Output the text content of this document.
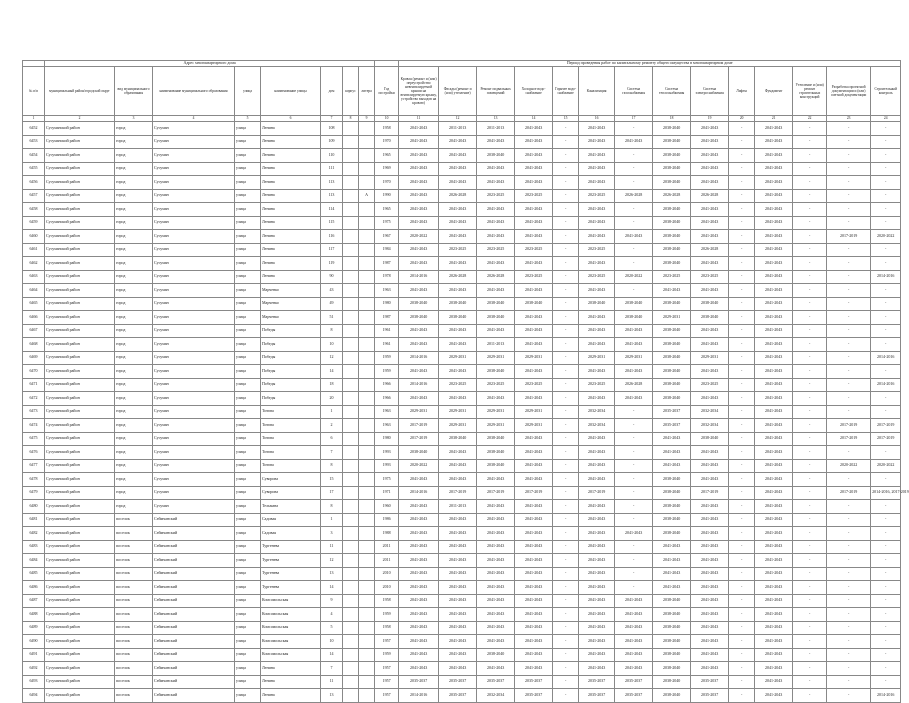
	Адрес многоквартирного дома									Период проведения работ по капитальному ремонту общего имущества в многоквартирном доме													
№ п/п	муниципальный район/городской округ	вид муниципального образования	наименование муниципального образования	улица	наименование улицы	дом	корпус	литера	Год постройки	Кровля (ремонт и (или) переустройство невентилируемой крыши на вентилируемую крышу, устройство выходов на кровлю)	Фасады (ремонт и (или) утепление)	Ремонт подвальных помещений	Холодное водо-снабжение	Горячее водо-снабжение	Канализация	Система газоснабжения	Система теплоснабжения	Система электроснабжения	Лифты	Фундамент	Утепление и (или) ремонт строительных конструкций	Разработка проектной документации и (или) сметной документации	Строительный контроль
1	2	3	4	5	6	7	8	9	10	11	12	13	14	15	16	17	18	19	20	21	22	23	24
6452	Сусуманский район	город	Сусуман	улица	Ленина	108			1958	2041-2043	2011-2013	2011-2013	2041-2043	-	2041-2043	-	2038-2040	2041-2043	-	2041-2043	-	-	-
6453	Сусуманский район	город	Сусуман	улица	Ленина	109			1970	2041-2043	2041-2043	2041-2043	2041-2043	-	2041-2043	2041-2043	2038-2040	2041-2043	-	2041-2043	-	-	-
6454	Сусуманский район	город	Сусуман	улица	Ленина	110			1965	2041-2043	2041-2043	2038-2040	2041-2043	-	2041-2043	-	2038-2040	2041-2043	-	2041-2043	-	-	-
6455	Сусуманский район	город	Сусуман	улица	Ленина	111			1969	2041-2043	2041-2043	2041-2043	2041-2043	-	2041-2043	-	2038-2040	2041-2043	-	2041-2043	-	-	-
6456	Сусуманский район	город	Сусуман	улица	Ленина	113			1970	2041-2043	2041-2043	2041-2043	2041-2043	-	2041-2043	-	2038-2040	2041-2043	-	2041-2043	-	-	-
6457	Сусуманский район	город	Сусуман	улица	Ленина	113		А	1990	2041-2043	2026-2028	2023-2025	2023-2025	-	2023-2025	2026-2028	2026-2028	2026-2028	-	2041-2043	-	-	-
6458	Сусуманский район	город	Сусуман	улица	Ленина	114			1965	2041-2043	2041-2043	2041-2043	2041-2043	-	2041-2043	-	2038-2040	2041-2043	-	2041-2043	-	-	-
6459	Сусуманский район	город	Сусуман	улица	Ленина	115			1975	2041-2043	2041-2043	2041-2043	2041-2043	-	2041-2043	-	2038-2040	2041-2043	-	2041-2043	-	-	-
6460	Сусуманский район	город	Сусуман	улица	Ленина	116			1967	2020-2022	2041-2043	2041-2043	2041-2043	-	2041-2043	2041-2043	2038-2040	2041-2043	-	2041-2043	-	2017-2019	2020-2022
6461	Сусуманский район	город	Сусуман	улица	Ленина	117			1984	2041-2043	2023-2025	2023-2025	2023-2025	-	2023-2025	-	2038-2040	2026-2028	-	2041-2043	-	-	-
6462	Сусуманский район	город	Сусуман	улица	Ленина	119			1987	2041-2043	2041-2043	2041-2043	2041-2043	-	2041-2043	-	2038-2040	2041-2043	-	2041-2043	-	-	-
6463	Сусуманский район	город	Сусуман	улица	Ленина	90			1978	2014-2016	2026-2028	2026-2028	2023-2025	-	2023-2025	2020-2022	2023-2025	2023-2025	-	2041-2043	-	-	2014-2016
6464	Сусуманский район	город	Сусуман	улица	Марченко	43			1963	2041-2043	2041-2043	2041-2043	2041-2043	-	2041-2043	-	2041-2043	2041-2043	-	2041-2043	-	-	-
6465	Сусуманский район	город	Сусуман	улица	Марченко	49			1980	2038-2040	2038-2040	2038-2040	2038-2040	-	2038-2040	2038-2040	2038-2040	2038-2040	-	2041-2043	-	-	-
6466	Сусуманский район	город	Сусуман	улица	Марченко	51			1987	2038-2040	2038-2040	2038-2040	2041-2043	-	2041-2043	2038-2040	2029-2031	2038-2040	-	2041-2043	-	-	-
6467	Сусуманский район	город	Сусуман	улица	Победы	8			1961	2041-2043	2041-2043	2041-2043	2041-2043	-	2041-2043	2041-2043	2038-2040	2041-2043	-	2041-2043	-	-	-
6468	Сусуманский район	город	Сусуман	улица	Победы	10			1961	2041-2043	2041-2043	2011-2013	2041-2043	-	2041-2043	2041-2043	2038-2040	2041-2043	-	2041-2043	-	-	-
6469	Сусуманский район	город	Сусуман	улица	Победы	12			1959	2014-2016	2029-2031	2029-2031	2029-2031	-	2029-2031	2029-2031	2038-2040	2029-2031	-	2041-2043	-	-	2014-2016
6470	Сусуманский район	город	Сусуман	улица	Победы	14			1959	2041-2043	2041-2043	2038-2040	2041-2043	-	2041-2043	2041-2043	2038-2040	2041-2043	-	2041-2043	-	-	-
6471	Сусуманский район	город	Сусуман	улица	Победы	18			1966	2014-2016	2023-2025	2023-2025	2023-2025	-	2023-2025	2026-2028	2038-2040	2023-2025	-	2041-2043	-	-	2014-2016
6472	Сусуманский район	город	Сусуман	улица	Победы	20			1966	2041-2043	2041-2043	2041-2043	2041-2043	-	2041-2043	2041-2043	2038-2040	2041-2043	-	2041-2043	-	-	-
6473	Сусуманский район	город	Сусуман	улица	Титова	1			1963	2029-2031	2029-2031	2029-2031	2029-2031	-	2032-2034	-	2035-2037	2032-2034	-	2041-2043	-	-	-
6474	Сусуманский район	город	Сусуман	улица	Титова	2			1963	2017-2019	2029-2031	2029-2031	2029-2031	-	2032-2034	-	2035-2037	2032-2034	-	2041-2043	-	2017-2019	2017-2019
6475	Сусуманский район	город	Сусуман	улица	Титова	6			1980	2017-2019	2038-2040	2038-2040	2041-2043	-	2041-2043	-	2041-2043	2038-2040	-	2041-2043	-	2017-2019	2017-2019
6476	Сусуманский район	город	Сусуман	улица	Титова	7			1993	2038-2040	2041-2043	2038-2040	2041-2043	-	2041-2043	-	2041-2043	2041-2043	-	2041-2043	-	-	-
6477	Сусуманский район	город	Сусуман	улица	Титова	8			1993	2020-2022	2041-2043	2038-2040	2041-2043	-	2041-2043	-	2041-2043	2041-2043	-	2041-2043	-	2020-2022	2020-2022
6478	Сусуманский район	город	Сусуман	улица	Суворова	15			1975	2041-2043	2041-2043	2041-2043	2041-2043	-	2041-2043	-	2038-2040	2041-2043	-	2041-2043	-	-	-
6479	Сусуманский район	город	Сусуман	улица	Суворова	17			1971	2014-2016	2017-2019	2017-2019	2017-2019	-	2017-2019	-	2038-2040	2017-2019	-	2041-2043	-	2017-2019	2014-2016, 2017-2019
6480	Сусуманский район	город	Сусуман	улица	Тельмана	8			1960	2041-2043	2011-2013	2041-2043	2041-2043	-	2041-2043	-	2038-2040	2041-2043	-	2041-2043	-	-	-
6481	Сусуманский район	поселок	Сеймчанский	улица	Садовая	1			1986	2041-2043	2041-2043	2041-2043	2041-2043	-	2041-2043	-	2038-2040	2041-2043	-	2041-2043	-	-	-
6482	Сусуманский район	поселок	Сеймчанский	улица	Садовая	3			1988	2041-2043	2041-2043	2041-2043	2041-2043	-	2041-2043	2041-2043	2038-2040	2041-2043	-	2041-2043	-	-	-
6483	Сусуманский район	поселок	Сеймчанский	улица	Тургенева	11			2011	2041-2043	2041-2043	2041-2043	2041-2043	-	2041-2043	-	2041-2043	2041-2043	-	2041-2043	-	-	-
6484	Сусуманский район	поселок	Сеймчанский	улица	Тургенева	12			2011	2041-2043	2041-2043	2041-2043	2041-2043	-	2041-2043	-	2041-2043	2041-2043	-	2041-2043	-	-	-
6485	Сусуманский район	поселок	Сеймчанский	улица	Тургенева	13			2010	2041-2043	2041-2043	2041-2043	2041-2043	-	2041-2043	-	2041-2043	2041-2043	-	2041-2043	-	-	-
6486	Сусуманский район	поселок	Сеймчанский	улица	Тургенева	14			2010	2041-2043	2041-2043	2041-2043	2041-2043	-	2041-2043	-	2041-2043	2041-2043	-	2041-2043	-	-	-
6487	Сусуманский район	поселок	Сеймчанский	улица	Комсомольская	9			1958	2041-2043	2041-2043	2041-2043	2041-2043	-	2041-2043	2041-2043	2038-2040	2041-2043	-	2041-2043	-	-	-
6488	Сусуманский район	поселок	Сеймчанский	улица	Комсомольская	4			1959	2041-2043	2041-2043	2041-2043	2041-2043	-	2041-2043	2041-2043	2038-2040	2041-2043	-	2041-2043	-	-	-
6489	Сусуманский район	поселок	Сеймчанский	улица	Комсомольская	5			1958	2041-2043	2041-2043	2041-2043	2041-2043	-	2041-2043	2041-2043	2038-2040	2041-2043	-	2041-2043	-	-	-
6490	Сусуманский район	поселок	Сеймчанский	улица	Комсомольская	10			1957	2041-2043	2041-2043	2041-2043	2041-2043	-	2041-2043	2041-2043	2038-2040	2041-2043	-	2041-2043	-	-	-
6491	Сусуманский район	поселок	Сеймчанский	улица	Комсомольская	14			1959	2041-2043	2041-2043	2038-2040	2041-2043	-	2041-2043	2041-2043	2038-2040	2041-2043	-	2041-2043	-	-	-
6492	Сусуманский район	поселок	Сеймчанский	улица	Ленина	7			1957	2041-2043	2041-2043	2041-2043	2041-2043	-	2041-2043	2041-2043	2038-2040	2041-2043	-	2041-2043	-	-	-
6493	Сусуманский район	поселок	Сеймчанский	улица	Ленина	11			1957	2035-2037	2035-2037	2035-2037	2035-2037	-	2035-2037	2035-2037	2038-2040	2035-2037	-	2041-2043	-	-	-
6494	Сусуманский район	поселок	Сеймчанский	улица	Ленина	13			1957	2014-2016	2035-2037	2032-2034	2035-2037	-	2035-2037	2035-2037	2038-2040	2035-2037	-	2041-2043	-	-	2014-2016
